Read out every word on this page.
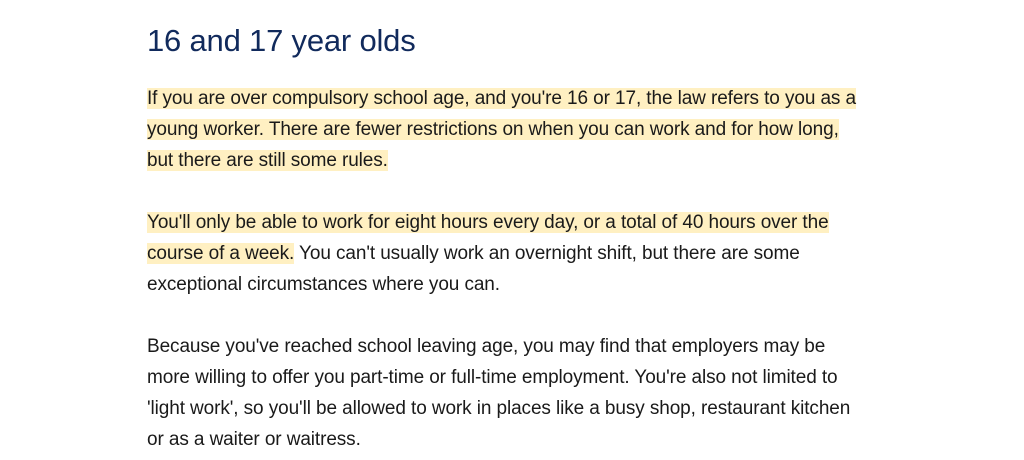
16 and 17 year olds

If you are over compulsory school age, and you're 16 or 17, the law refers to you as a young worker. There are fewer restrictions on when you can work and for how long, but there are still some rules.

You'll only be able to work for eight hours every day, or a total of 40 hours over the course of a week. You can't usually work an overnight shift, but there are some exceptional circumstances where you can.

Because you've reached school leaving age, you may find that employers may be more willing to offer you part-time or full-time employment. You're also not limited to 'light work', so you'll be allowed to work in places like a busy shop, restaurant kitchen or as a waiter or waitress.
